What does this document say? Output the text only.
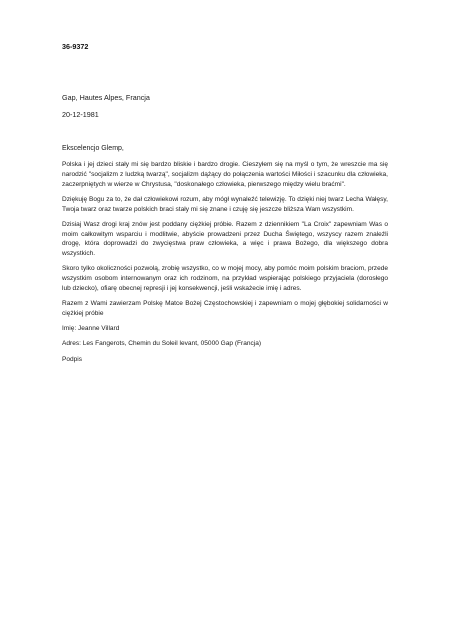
36-9372
Gap, Hautes Alpes, Francja
20-12-1981

Ekscelencjo Glemp,

Polska i jej dzieci stały mi się bardzo bliskie i bardzo drogie. Cieszyłem się na myśl o tym, że wreszcie ma się narodzić "socjalizm z ludzką twarzą", socjalizm dążący do połączenia wartości Miłości i szacunku dla człowieka, zaczerpniętych w wierze w Chrystusa, "doskonałego człowieka, pierwszego między wielu braćmi".

Dziękuję Bogu za to, że dał człowiekowi rozum, aby mógł wynaleźć telewizję. To dzięki niej twarz Lecha Wałęsy, Twoja twarz oraz twarze polskich braci stały mi się znane i czuję się jeszcze bliższa Wam wszystkim.

Dzisiaj Wasz drogi kraj znów jest poddany ciężkiej próbie. Razem z dziennikiem "La Croix" zapewniam Was o moim całkowitym wsparciu i modlitwie, abyście prowadzeni przez Ducha Świętego, wszyscy razem znaleźli drogę, która doprowadzi do zwycięstwa praw człowieka, a więc i prawa Bożego, dla większego dobra wszystkich.

Skoro tylko okoliczności pozwolą, zrobię wszystko, co w mojej mocy, aby pomóc moim polskim braciom, przede wszystkim osobom internowanym oraz ich rodzinom, na przykład wspierając polskiego przyjaciela (dorosłego lub dziecko), ofiarę obecnej represji i jej konsekwencji, jeśli wskażecie imię i adres.

Razem z Wami zawierzam Polskę Matce Bożej Częstochowskiej i zapewniam o mojej głębokiej solidarności w ciężkiej próbie

Imię: Jeanne Villard

Adres: Les Fangerots, Chemin du Soleil levant, 05000 Gap (Francja)

Podpis
